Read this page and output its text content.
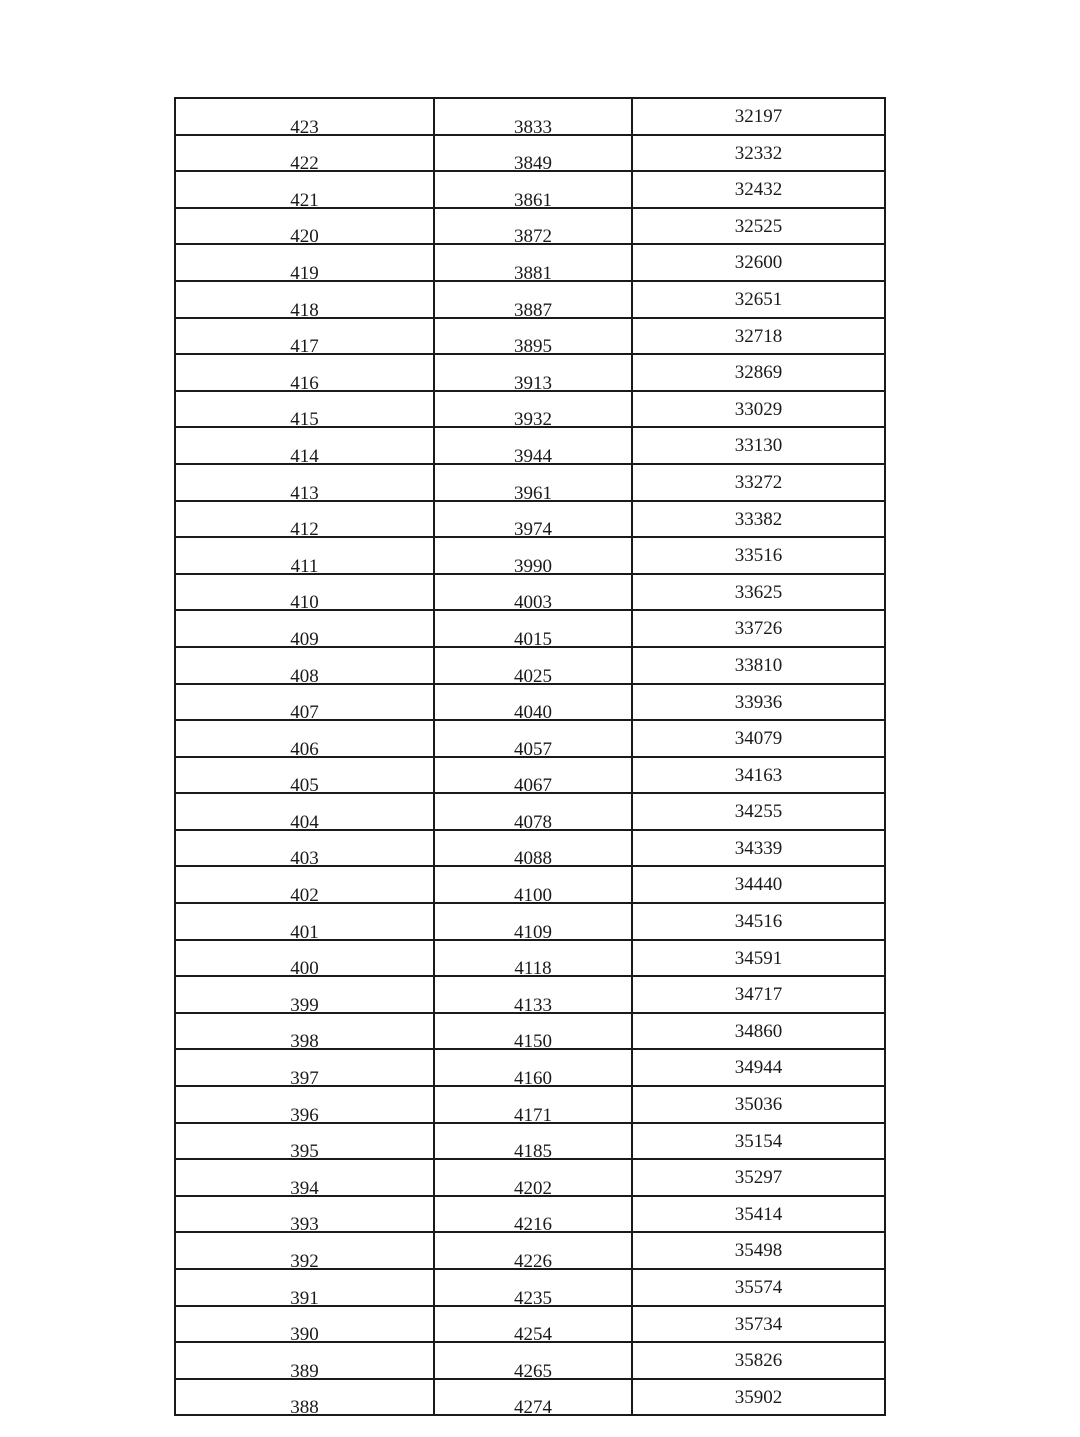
423	3833	32197
422	3849	32332
421	3861	32432
420	3872	32525
419	3881	32600
418	3887	32651
417	3895	32718
416	3913	32869
415	3932	33029
414	3944	33130
413	3961	33272
412	3974	33382
411	3990	33516
410	4003	33625
409	4015	33726
408	4025	33810
407	4040	33936
406	4057	34079
405	4067	34163
404	4078	34255
403	4088	34339
402	4100	34440
401	4109	34516
400	4118	34591
399	4133	34717
398	4150	34860
397	4160	34944
396	4171	35036
395	4185	35154
394	4202	35297
393	4216	35414
392	4226	35498
391	4235	35574
390	4254	35734
389	4265	35826
388	4274	35902
